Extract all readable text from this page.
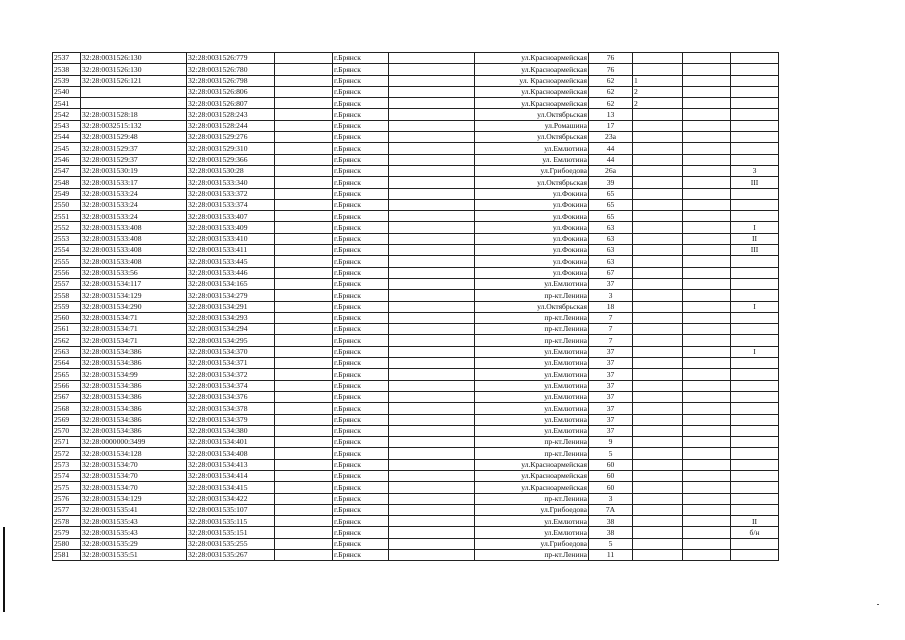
2537	32:28:0031526:130	32:28:0031526:779		г.Брянск		ул.Красноармейская	76			
2538	32:28:0031526:130	32:28:0031526:780		г.Брянск		ул.Красноармейская	76			
2539	32:28:0031526:121	32:28:0031526:798		г.Брянск		ул. Красноармейская	62	1		
2540		32:28:0031526:806		г.Брянск		ул.Красноармейская	62	2		
2541		32:28:0031526:807		г.Брянск		ул.Красноармейская	62	2		
2542	32:28:0031528:18	32:28:0031528:243		г.Брянск		ул.Октябрьская	13			
2543	32:28:0032515:132	32:28:0031528:244		г.Брянск		ул.Ромашина	17			
2544	32:28:0031529:48	32:28:0031529:276		г.Брянск		ул.Октябрьская	23а			
2545	32:28:0031529:37	32:28:0031529:310		г.Брянск		ул.Емлютина	44			
2546	32:28:0031529:37	32:28:0031529:366		г.Брянск		ул. Емлютина	44			
2547	32:28:0031530:19	32:28:0031530:28		г.Брянск		ул.Грибоедова	26а			3
2548	32:28:0031533:17	32:28:0031533:340		г.Брянск		ул.Октябрьская	39			III
2549	32:28:0031533:24	32:28:0031533:372		г.Брянск		ул.Фокина	65			
2550	32:28:0031533:24	32:28:0031533:374		г.Брянск		ул.Фокина	65			
2551	32:28:0031533:24	32:28:0031533:407		г.Брянск		ул.Фокина	65			
2552	32:28:0031533:408	32:28:0031533:409		г.Брянск		ул.Фокина	63			I
2553	32:28:0031533:408	32:28:0031533:410		г.Брянск		ул.Фокина	63			II
2554	32:28:0031533:408	32:28:0031533:411		г.Брянск		ул.Фокина	63			III
2555	32:28:0031533:408	32:28:0031533:445		г.Брянск		ул.Фокина	63			
2556	32:28:0031533:56	32:28:0031533:446		г.Брянск		ул.Фокина	67			
2557	32:28:0031534:117	32:28:0031534:165		г.Брянск		ул.Емлютина	37			
2558	32:28:0031534:129	32:28:0031534:279		г.Брянск		пр-кт.Ленина	3			
2559	32:28:0031534:290	32:28:0031534:291		г.Брянск		ул.Октябрьская	18			I
2560	32:28:0031534:71	32:28:0031534:293		г.Брянск		пр-кт.Ленина	7			
2561	32:28:0031534:71	32:28:0031534:294		г.Брянск		пр-кт.Ленина	7			
2562	32:28:0031534:71	32:28:0031534:295		г.Брянск		пр-кт.Ленина	7			
2563	32:28:0031534:386	32:28:0031534:370		г.Брянск		ул.Емлютина	37			I
2564	32:28:0031534:386	32:28:0031534:371		г.Брянск		ул.Емлютина	37			
2565	32:28:0031534:99	32:28:0031534:372		г.Брянск		ул.Емлютина	37			
2566	32:28:0031534:386	32:28:0031534:374		г.Брянск		ул.Емлютина	37			
2567	32:28:0031534:386	32:28:0031534:376		г.Брянск		ул.Емлютина	37			
2568	32:28:0031534:386	32:28:0031534:378		г.Брянск		ул.Емлютина	37			
2569	32:28:0031534:386	32:28:0031534:379		г.Брянск		ул.Емлютина	37			
2570	32:28:0031534:386	32:28:0031534:380		г.Брянск		ул.Емлютина	37			
2571	32:28:0000000:3499	32:28:0031534:401		г.Брянск		пр-кт.Ленина	9			
2572	32:28:0031534:128	32:28:0031534:408		г.Брянск		пр-кт.Ленина	5			
2573	32:28:0031534:70	32:28:0031534:413		г.Брянск		ул.Красноармейская	60			
2574	32:28:0031534:70	32:28:0031534:414		г.Брянск		ул.Красноармейская	60			
2575	32:28:0031534:70	32:28:0031534:415		г.Брянск		ул.Красноармейская	60			
2576	32:28:0031534:129	32:28:0031534:422		г.Брянск		пр-кт.Ленина	3			
2577	32:28:0031535:41	32:28:0031535:107		г.Брянск		ул.Грибоедова	7А			
2578	32:28:0031535:43	32:28:0031535:115		г.Брянск		ул.Емлютина	38			II
2579	32:28:0031535:43	32:28:0031535:151		г.Брянск		ул.Емлютина	38			б/н
2580	32:28:0031535:29	32:28:0031535:255		г.Брянск		ул.Грибоедова	5			
2581	32:28:0031535:51	32:28:0031535:267		г.Брянск		пр-кт.Ленина	11			
